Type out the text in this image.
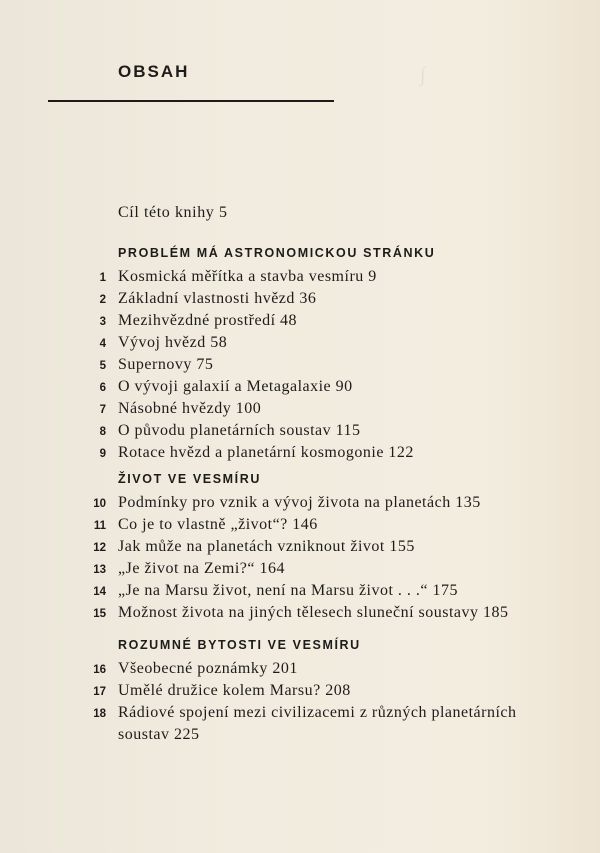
∫
OBSAH
Cíl této knihy 5
PROBLÉM MÁ ASTRONOMICKOU STRÁNKU
1 Kosmická měřítka a stavba vesmíru 9
2 Základní vlastnosti hvězd 36
3 Mezihvězdné prostředí 48
4 Vývoj hvězd 58
5 Supernovy 75
6 O vývoji galaxií a Metagalaxie 90
7 Násobné hvězdy 100
8 O původu planetárních soustav 115
9 Rotace hvězd a planetární kosmogonie 122
ŽIVOT VE VESMÍRU
10 Podmínky pro vznik a vývoj života na planetách 135
11 Co je to vlastně „život“? 146
12 Jak může na planetách vzniknout život 155
13 „Je život na Zemi?“ 164
14 „Je na Marsu život, není na Marsu život . . .“ 175
15 Možnost života na jiných tělesech sluneční soustavy 185
ROZUMNÉ BYTOSTI VE VESMÍRU
16 Všeobecné poznámky 201
17 Umělé družice kolem Marsu? 208
18 Rádiové spojení mezi civilizacemi z různých planetárních
soustav 225
